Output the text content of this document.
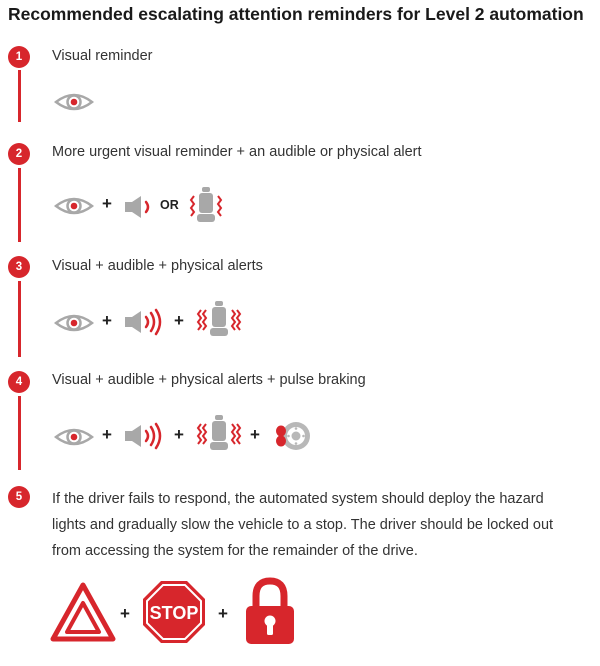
Recommended escalating attention reminders for Level 2 automation
1	Visual reminder
2	More urgent visual reminder + an audible or physical alert
+	OR
3	Visual + audible + physical alerts
+	+
4	Visual + audible + physical alerts + pulse braking
+	+	+
5	If the driver fails to respond, the automated system should deploy the hazard
lights and gradually slow the vehicle to a stop. The driver should be locked out
from accessing the system for the remainder of the drive.
+ STOP +
